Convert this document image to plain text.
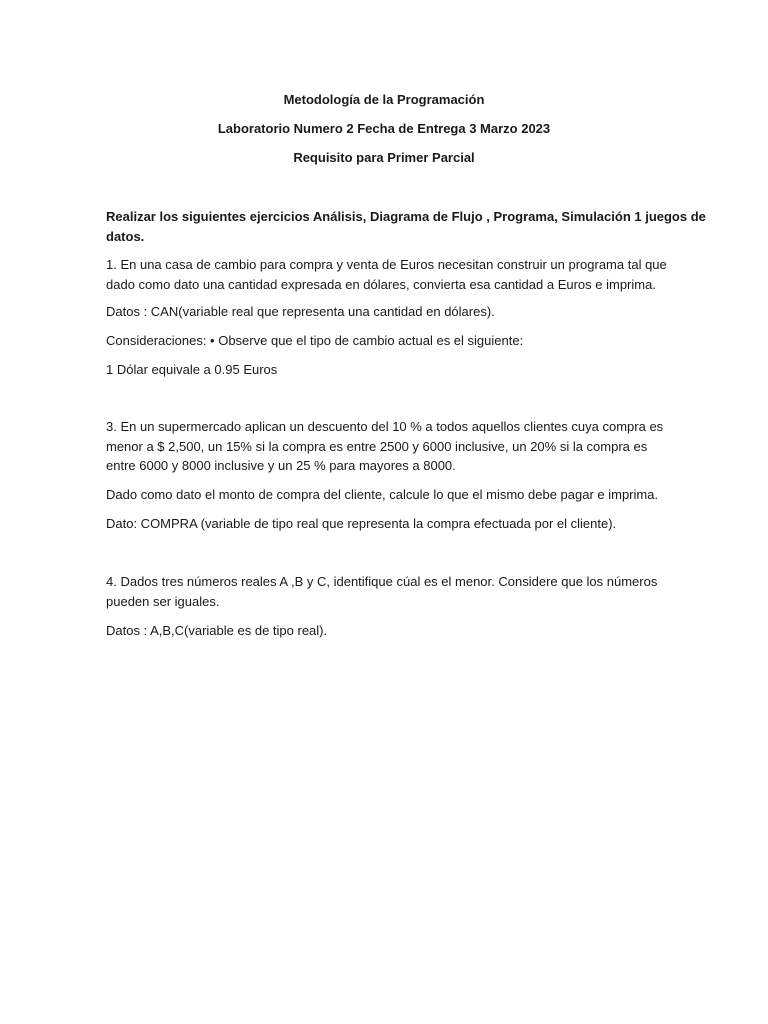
Metodología de la Programación
Laboratorio Numero 2 Fecha de Entrega 3 Marzo 2023
Requisito para Primer Parcial
Realizar los siguientes ejercicios Análisis, Diagrama de Flujo , Programa, Simulación 1 juegos de
datos.
1. En una casa de cambio para compra y venta de Euros necesitan construir un programa tal que
dado como dato una cantidad expresada en dólares, convierta esa cantidad a Euros e imprima.
Datos : CAN(variable real que representa una cantidad en dólares).
Consideraciones: • Observe que el tipo de cambio actual es el siguiente:
1 Dólar equivale a 0.95 Euros
3. En un supermercado aplican un descuento del 10 % a todos aquellos clientes cuya compra es
menor a $ 2,500, un 15% si la compra es entre 2500 y 6000 inclusive, un 20% si la compra es
entre 6000 y 8000 inclusive y un 25 % para mayores a 8000.
Dado como dato el monto de compra del cliente, calcule lo que el mismo debe pagar e imprima.
Dato: COMPRA (variable de tipo real que representa la compra efectuada por el cliente).
4. Dados tres números reales A ,B y C, identifique cúal es el menor. Considere que los números
pueden ser iguales.
Datos : A,B,C(variable es de tipo real).
